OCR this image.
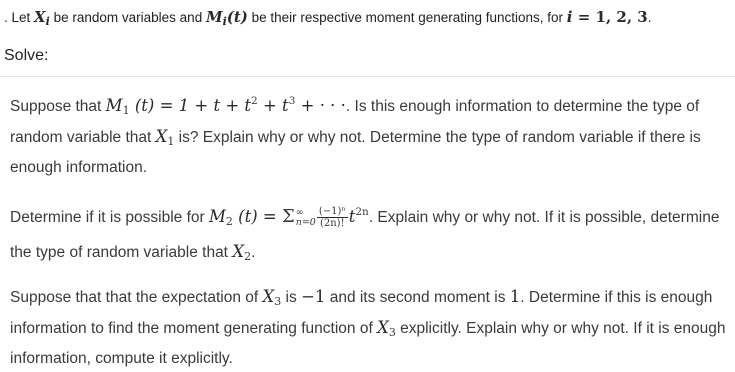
. Let $X_i$ be random variables and $M_i(t)$ be their respective moment generating functions, for i = 1, 2, 3.
Solve:
Suppose that $M_1$ $(t) = 1 + t + t^2 + t^3$ + · · ·. Is this enough information to determine the type of random variable that $X_1$ is? Explain why or why not. Determine the type of random variable if there is enough information.
Determine if it is possible for $M_2$ (t) = Σ ∞
$n=0 \frac{\text{(−1)ⁿ}}{(2n)!} t^{2n}$. Explain why or why not. If it is possible, determine the type of random variable that $X_2$.
Suppose that that the expectation of $X_3$ is −1 and its second moment is 1. Determine if this is enough information to find the moment generating function of $X_3$ explicitly. Explain why or why not. If it is enough information, compute it explicitly.
